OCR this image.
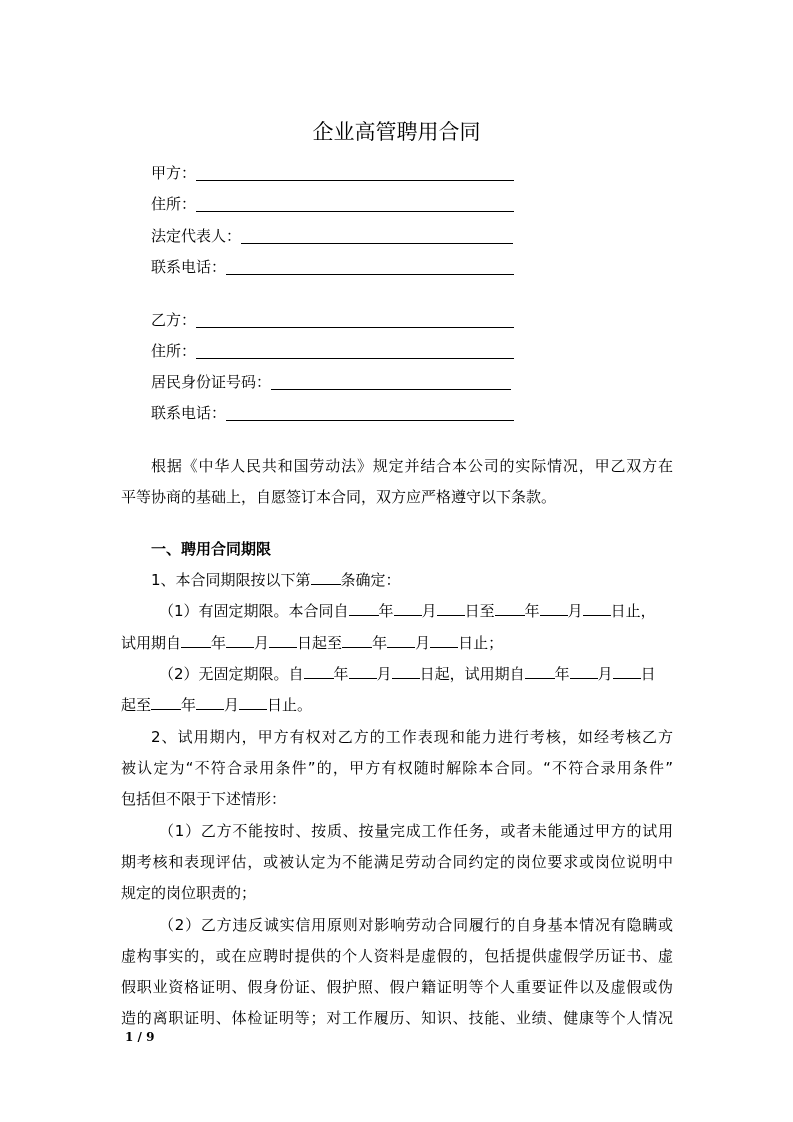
企业高管聘用合同
甲方：
住所：
法定代表人：
联系电话：
乙方：
住所：
居民身份证号码：
联系电话：
根据《中华人民共和国劳动法》规定并结合本公司的实际情况，甲乙双方在
平等协商的基础上，自愿签订本合同，双方应严格遵守以下条款。
一、聘用合同期限
1、本合同期限按以下第 条确定：
（1）有固定期限。本合同自 年 月 日至 年 月 日止，
试用期自 年 月 日起至 年 月 日止；
（2）无固定期限。自 年 月 日起，试用期自 年 月 日
起至 年 月 日止。
2、试用期内，甲方有权对乙方的工作表现和能力进行考核，如经考核乙方
被认定为“不符合录用条件”的，甲方有权随时解除本合同。“不符合录用条件”
包括但不限于下述情形：
（1）乙方不能按时、按质、按量完成工作任务，或者未能通过甲方的试用
期考核和表现评估，或被认定为不能满足劳动合同约定的岗位要求或岗位说明中
规定的岗位职责的；
（2）乙方违反诚实信用原则对影响劳动合同履行的自身基本情况有隐瞒或
虚构事实的，或在应聘时提供的个人资料是虚假的，包括提供虚假学历证书、虚
假职业资格证明、假身份证、假护照、假户籍证明等个人重要证件以及虚假或伪
造的离职证明、体检证明等；对工作履历、知识、技能、业绩、健康等个人情况
1 / 9
